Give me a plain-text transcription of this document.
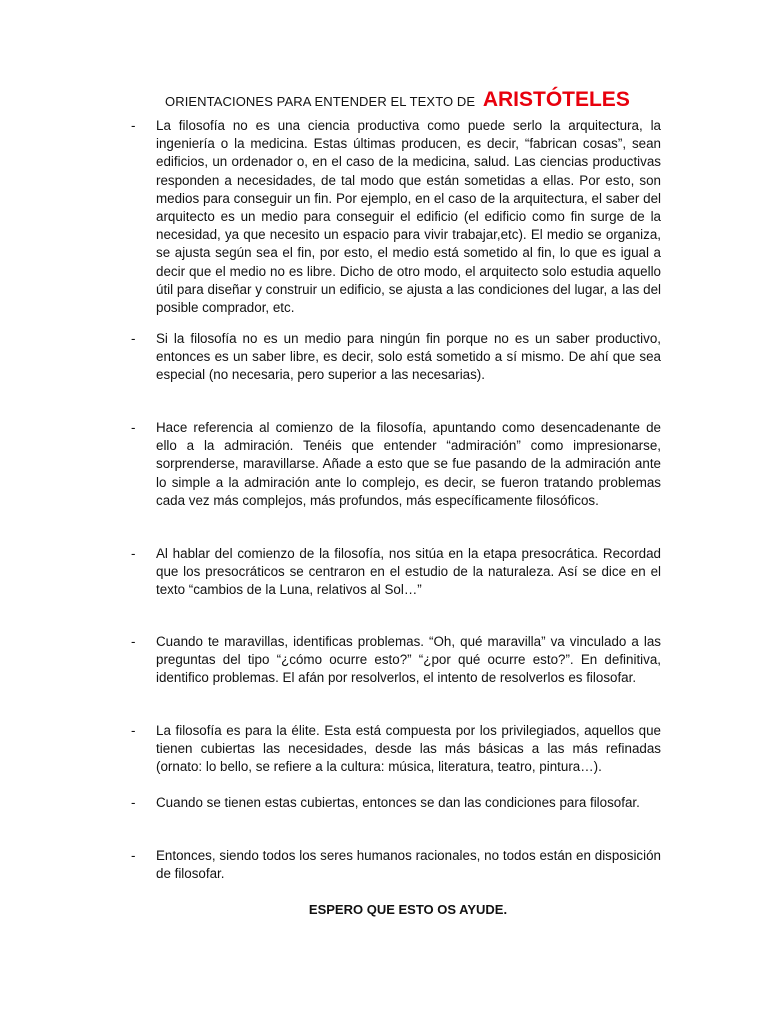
ORIENTACIONES PARA ENTENDER EL TEXTO DE ARISTÓTELES
-	La filosofía no es una ciencia productiva como puede serlo la arquitectura, la ingeniería o la medicina. Estas últimas producen, es decir, “fabrican cosas”, sean edificios, un ordenador o, en el caso de la medicina, salud. Las ciencias productivas responden a necesidades, de tal modo que están sometidas a ellas. Por esto, son medios para conseguir un fin. Por ejemplo, en el caso de la arquitectura, el saber del arquitecto es un medio para conseguir el edificio (el edificio como fin surge de la necesidad, ya que necesito un espacio para vivir trabajar,etc). El medio se organiza, se ajusta según sea el fin, por esto, el medio está sometido al fin, lo que es igual a decir que el medio no es libre. Dicho de otro modo, el arquitecto solo estudia aquello útil para diseñar y construir un edificio, se ajusta a las condiciones del lugar, a las del posible comprador, etc.
-	Si la filosofía no es un medio para ningún fin porque no es un saber productivo, entonces es un saber libre, es decir, solo está sometido a sí mismo. De ahí que sea especial (no necesaria, pero superior a las necesarias).
-	Hace referencia al comienzo de la filosofía, apuntando como desencadenante de ello a la admiración. Tenéis que entender “admiración” como impresionarse, sorprenderse, maravillarse. Añade a esto que se fue pasando de la admiración ante lo simple a la admiración ante lo complejo, es decir, se fueron tratando problemas cada vez más complejos, más profundos, más específicamente filosóficos.
-	Al hablar del comienzo de la filosofía, nos sitúa en la etapa presocrática. Recordad que los presocráticos se centraron en el estudio de la naturaleza. Así se dice en el texto “cambios de la Luna, relativos al Sol…”
-	Cuando te maravillas, identificas problemas. “Oh, qué maravilla” va vinculado a las preguntas del tipo “¿cómo ocurre esto?” “¿por qué ocurre esto?”. En definitiva, identifico problemas. El afán por resolverlos, el intento de resolverlos es filosofar.
-	La filosofía es para la élite. Esta está compuesta por los privilegiados, aquellos que tienen cubiertas las necesidades, desde las más básicas a las más refinadas (ornato: lo bello, se refiere a la cultura: música, literatura, teatro, pintura…).
-	Cuando se tienen estas cubiertas, entonces se dan las condiciones para filosofar.
-	Entonces, siendo todos los seres humanos racionales, no todos están en disposición de filosofar.
ESPERO QUE ESTO OS AYUDE.
